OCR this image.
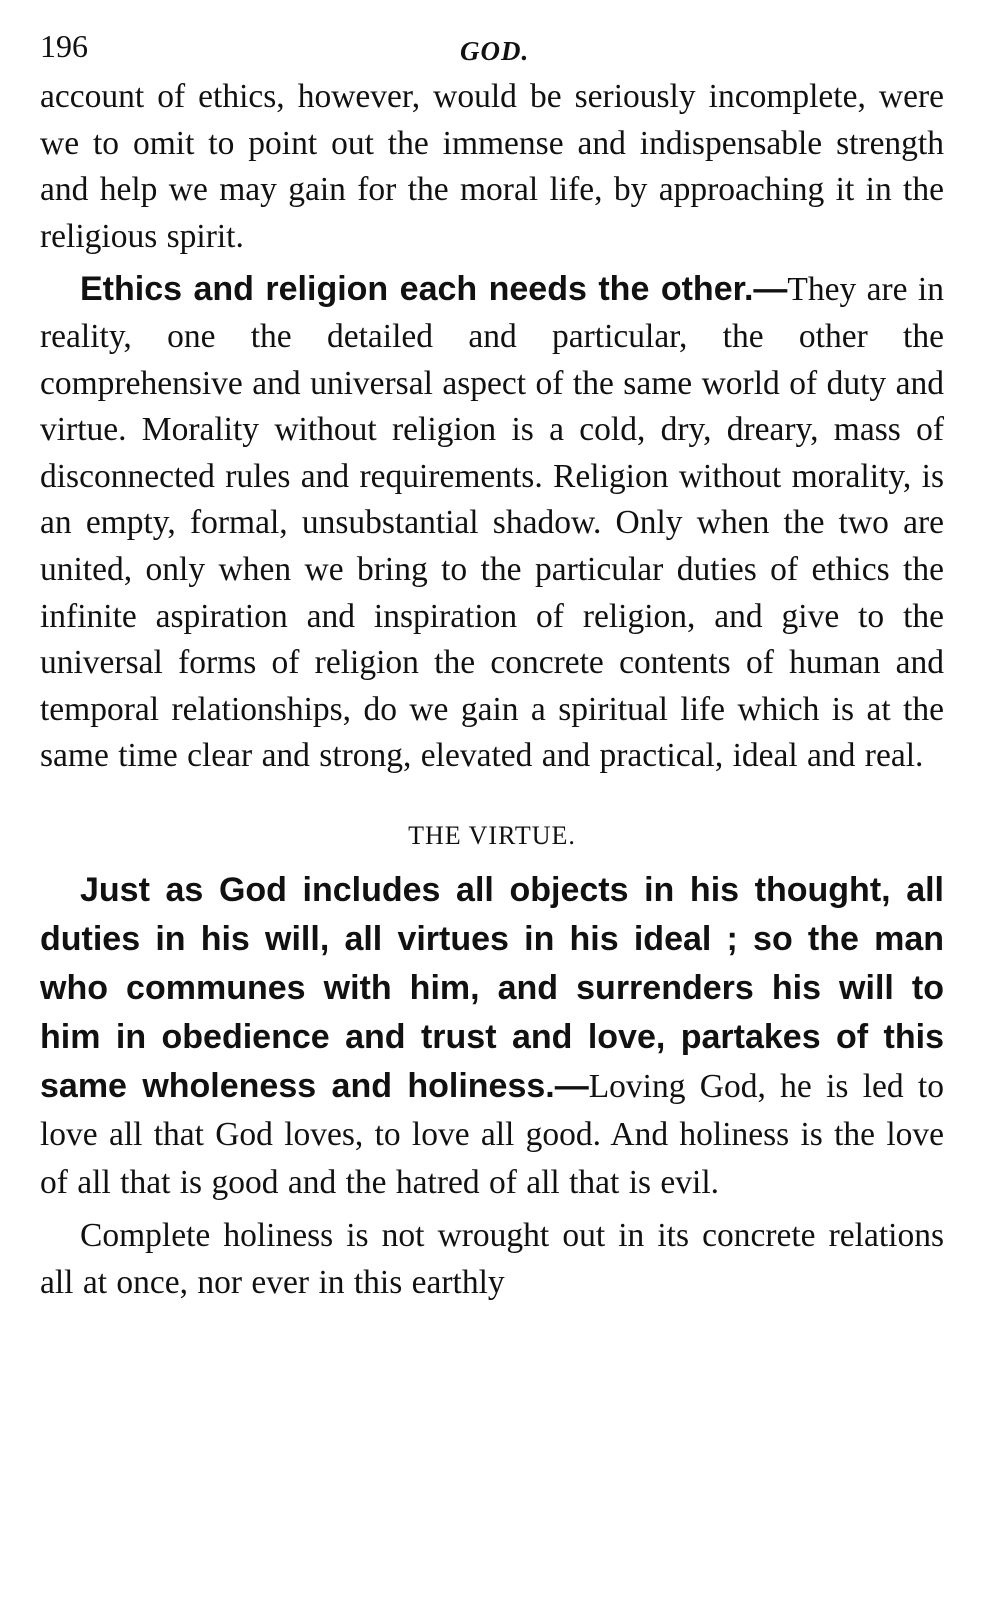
196	GOD.

account of ethics, however, would be seriously incomplete, were we to omit to point out the immense and indispensable strength and help we may gain for the moral life, by approaching it in the religious spirit.

Ethics and religion each needs the other.—They are in reality, one the detailed and particular, the other the comprehensive and universal aspect of the same world of duty and virtue. Morality without religion is a cold, dry, dreary, mass of disconnected rules and requirements. Religion without morality, is an empty, formal, unsubstantial shadow. Only when the two are united, only when we bring to the particular duties of ethics the infinite aspiration and inspiration of religion, and give to the universal forms of religion the concrete contents of human and temporal relationships, do we gain a spiritual life which is at the same time clear and strong, elevated and practical, ideal and real.

THE VIRTUE.

Just as God includes all objects in his thought, all duties in his will, all virtues in his ideal ; so the man who communes with him, and surrenders his will to him in obedience and trust and love, partakes of this same wholeness and holiness.—Loving God, he is led to love all that God loves, to love all good. And holiness is the love of all that is good and the hatred of all that is evil.

Complete holiness is not wrought out in its concrete relations all at once, nor ever in this earthly
